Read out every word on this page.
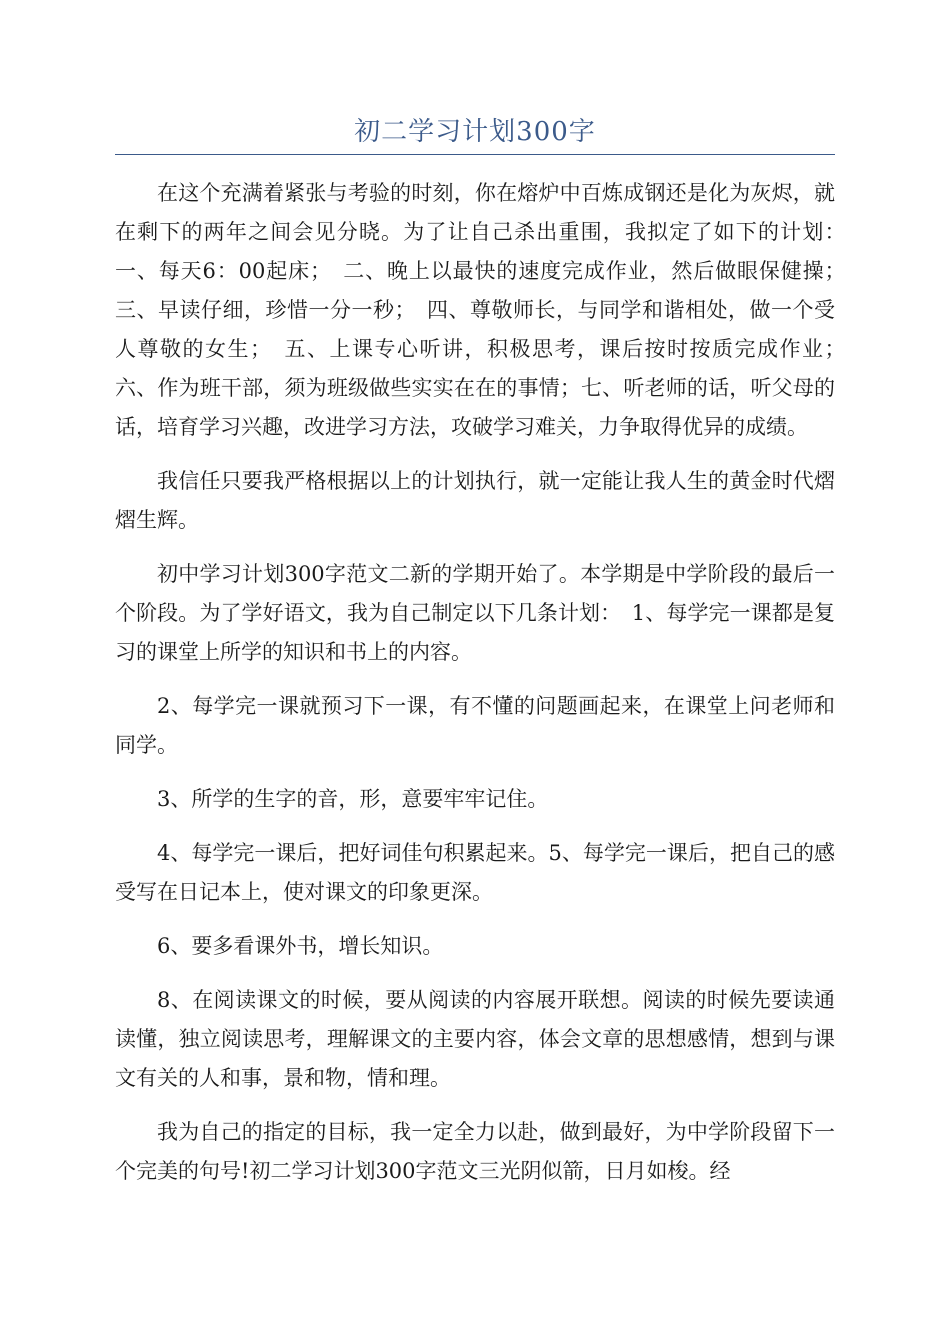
初二学习计划300字

在这个充满着紧张与考验的时刻，你在熔炉中百炼成钢还是化为灰烬，就在剩下的两年之间会见分晓。为了让自己杀出重围，我拟定了如下的计划：　　一、每天6：00起床；　二、晚上以最快的速度完成作业，然后做眼保健操；　三、早读仔细，珍惜一分一秒；　四、尊敬师长，与同学和谐相处，做一个受人尊敬的女生；　五、上课专心听讲，积极思考，课后按时按质完成作业；　六、作为班干部，须为班级做些实实在在的事情；七、听老师的话，听父母的话，培育学习兴趣，改进学习方法，攻破学习难关，力争取得优异的成绩。

我信任只要我严格根据以上的计划执行，就一定能让我人生的黄金时代熠熠生辉。

初中学习计划300字范文二新的学期开始了。本学期是中学阶段的最后一个阶段。为了学好语文，我为自己制定以下几条计划：　1、每学完一课都是复习的课堂上所学的知识和书上的内容。

2、每学完一课就预习下一课，有不懂的问题画起来，在课堂上问老师和同学。

3、所学的生字的音，形，意要牢牢记住。

4、每学完一课后，把好词佳句积累起来。5、每学完一课后，把自己的感受写在日记本上，使对课文的印象更深。

6、要多看课外书，增长知识。

8、在阅读课文的时候，要从阅读的内容展开联想。阅读的时候先要读通读懂，独立阅读思考，理解课文的主要内容，体会文章的思想感情，想到与课文有关的人和事，景和物，情和理。

我为自己的指定的目标，我一定全力以赴，做到最好，为中学阶段留下一个完美的句号!初二学习计划300字范文三光阴似箭，日月如梭。经
